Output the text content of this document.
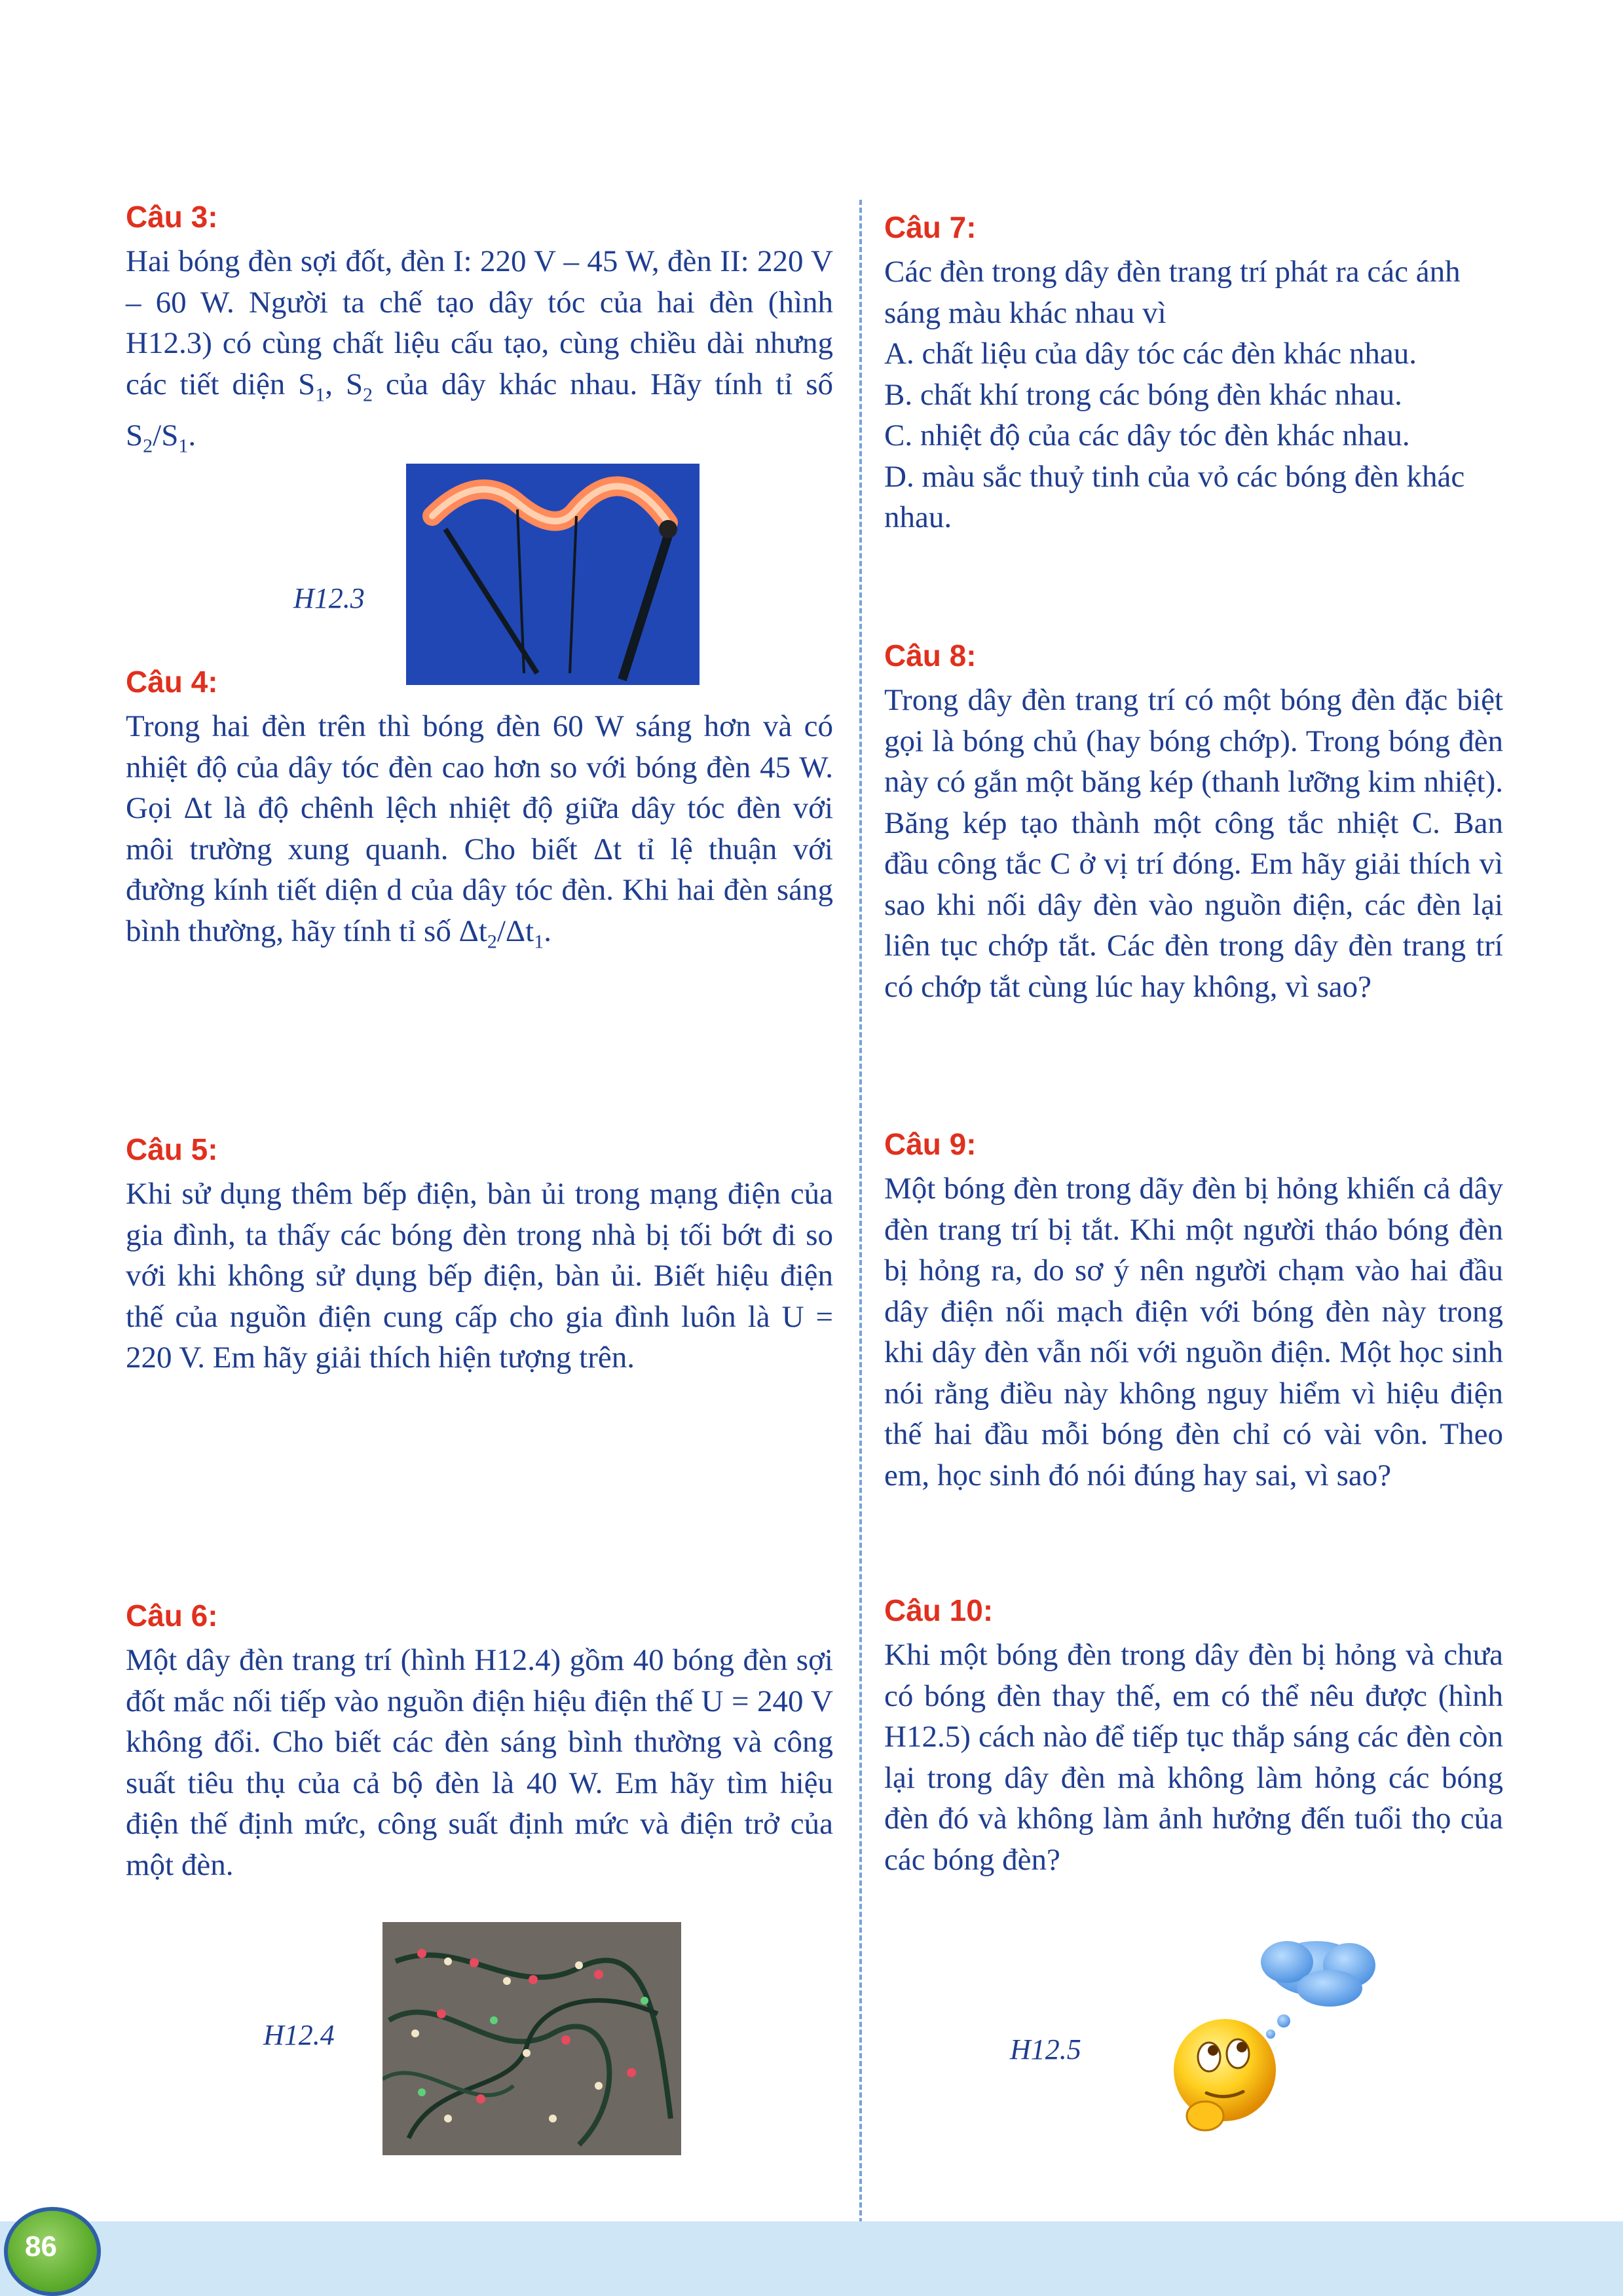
Câu 3:

Hai bóng đèn sợi đốt, đèn I: 220 V – 45 W, đèn II: 220 V – 60 W. Người ta chế tạo dây tóc của hai đèn (hình H12.3) có cùng chất liệu cấu tạo, cùng chiều dài nhưng các tiết diện $S_1$, $S_2$ của dây khác nhau. Hãy tính tỉ số $S_2/S_1$.

H12.3
Câu 4:

Trong hai đèn trên thì bóng đèn 60 W sáng hơn và có nhiệt độ của dây tóc đèn cao hơn so với bóng đèn 45 W. Gọi Δt là độ chênh lệch nhiệt độ giữa dây tóc đèn với môi trường xung quanh. Cho biết Δt tỉ lệ thuận với đường kính tiết diện d của dây tóc đèn. Khi hai đèn sáng bình thường, hãy tính tỉ số $\Delta t_2/\Delta t_1$.

Câu 5:

Khi sử dụng thêm bếp điện, bàn ủi trong mạng điện của gia đình, ta thấy các bóng đèn trong nhà bị tối bớt đi so với khi không sử dụng bếp điện, bàn ủi. Biết hiệu điện thế của nguồn điện cung cấp cho gia đình luôn là U = 220 V. Em hãy giải thích hiện tượng trên.

Câu 6:

Một dây đèn trang trí (hình H12.4) gồm 40 bóng đèn sợi đốt mắc nối tiếp vào nguồn điện hiệu điện thế U = 240 V không đổi. Cho biết các đèn sáng bình thường và công suất tiêu thụ của cả bộ đèn là 40 W. Em hãy tìm hiệu điện thế định mức, công suất định mức và điện trở của một đèn.

H12.4
Câu 7:

Các đèn trong dây đèn trang trí phát ra các ánh sáng màu khác nhau vì

A. chất liệu của dây tóc các đèn khác nhau.

B. chất khí trong các bóng đèn khác nhau.

C. nhiệt độ của các dây tóc đèn khác nhau.

D. màu sắc thuỷ tinh của vỏ các bóng đèn khác nhau.

Câu 8:

Trong dây đèn trang trí có một bóng đèn đặc biệt gọi là bóng chủ (hay bóng chớp). Trong bóng đèn này có gắn một băng kép (thanh lưỡng kim nhiệt). Băng kép tạo thành một công tắc nhiệt C. Ban đầu công tắc C ở vị trí đóng. Em hãy giải thích vì sao khi nối dây đèn vào nguồn điện, các đèn lại liên tục chớp tắt. Các đèn trong dây đèn trang trí có chớp tắt cùng lúc hay không, vì sao?

Câu 9:

Một bóng đèn trong dãy đèn bị hỏng khiến cả dây đèn trang trí bị tắt. Khi một người tháo bóng đèn bị hỏng ra, do sơ ý nên người chạm vào hai đầu dây điện nối mạch điện với bóng đèn này trong khi dây đèn vẫn nối với nguồn điện. Một học sinh nói rằng điều này không nguy hiểm vì hiệu điện thế hai đầu mỗi bóng đèn chỉ có vài vôn. Theo em, học sinh đó nói đúng hay sai, vì sao?

Câu 10:

Khi một bóng đèn trong dây đèn bị hỏng và chưa có bóng đèn thay thế, em có thể nêu được (hình H12.5) cách nào để tiếp tục thắp sáng các đèn còn lại trong dây đèn mà không làm hỏng các bóng đèn đó và không làm ảnh hưởng đến tuổi thọ của các bóng đèn?

H12.5
86
